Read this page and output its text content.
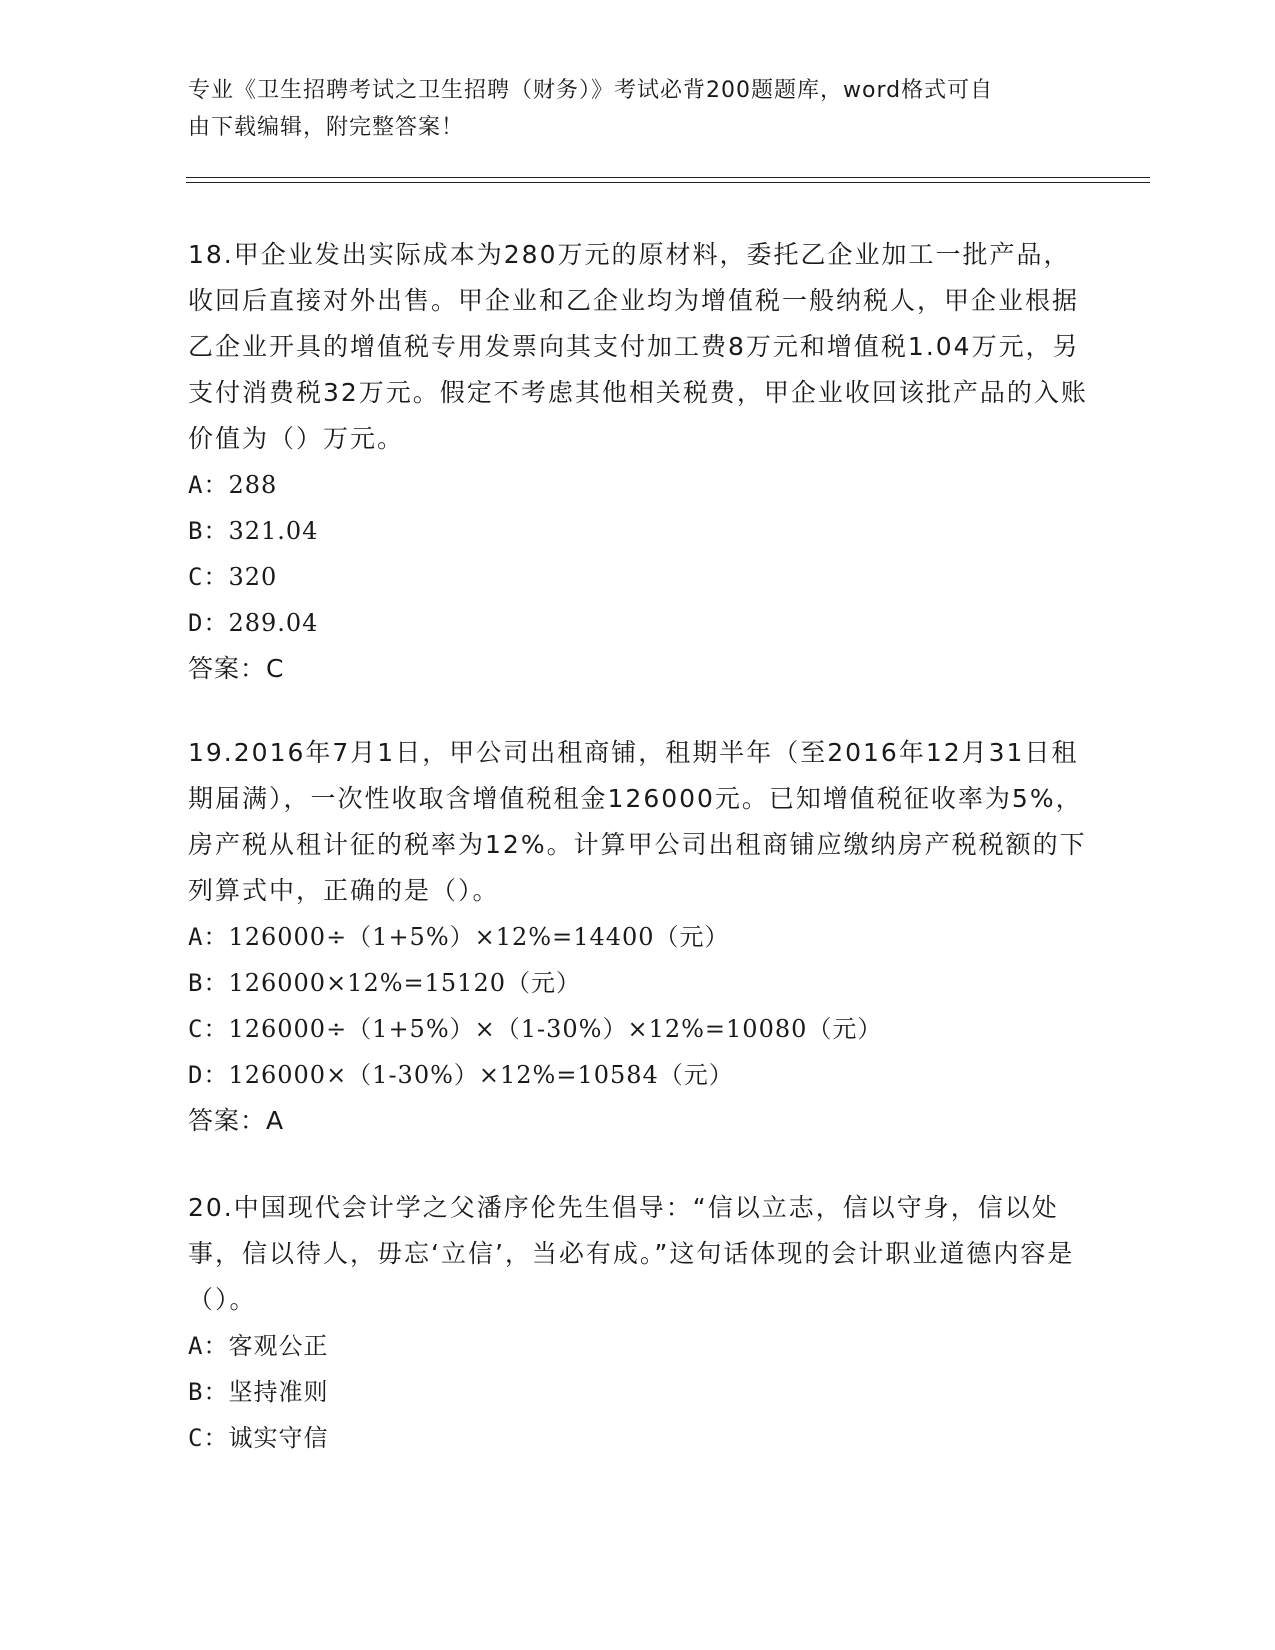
专业《卫生招聘考试之卫生招聘（财务）》考试必背200题题库，word格式可自
由下载编辑，附完整答案！

18.甲企业发出实际成本为280万元的原材料，委托乙企业加工一批产品，收回后直接对外出售。甲企业和乙企业均为增值税一般纳税人，甲企业根据乙企业开具的增值税专用发票向其支付加工费8万元和增值税1.04万元，另支付消费税32万元。假定不考虑其他相关税费，甲企业收回该批产品的入账价值为（）万元。

A：288
B：321.04
C：320
D：289.04

答案：C

19.2016年7月1日，甲公司出租商铺，租期半年（至2016年12月31日租期届满），一次性收取含增值税租金126000元。已知增值税征收率为5%，房产税从租计征的税率为12%。计算甲公司出租商铺应缴纳房产税税额的下列算式中，正确的是（）。

A：126000÷（1+5%）×12%=14400（元）
B：126000×12%=15120（元）
C：126000÷（1+5%）×（1-30%）×12%=10080（元）
D：126000×（1-30%）×12%=10584（元）

答案：A

20.中国现代会计学之父潘序伦先生倡导：“信以立志，信以守身，信以处事，信以待人，毋忘‘立信’，当必有成。”这句话体现的会计职业道德内容是（）。

A：客观公正
B：坚持准则
C：诚实守信
